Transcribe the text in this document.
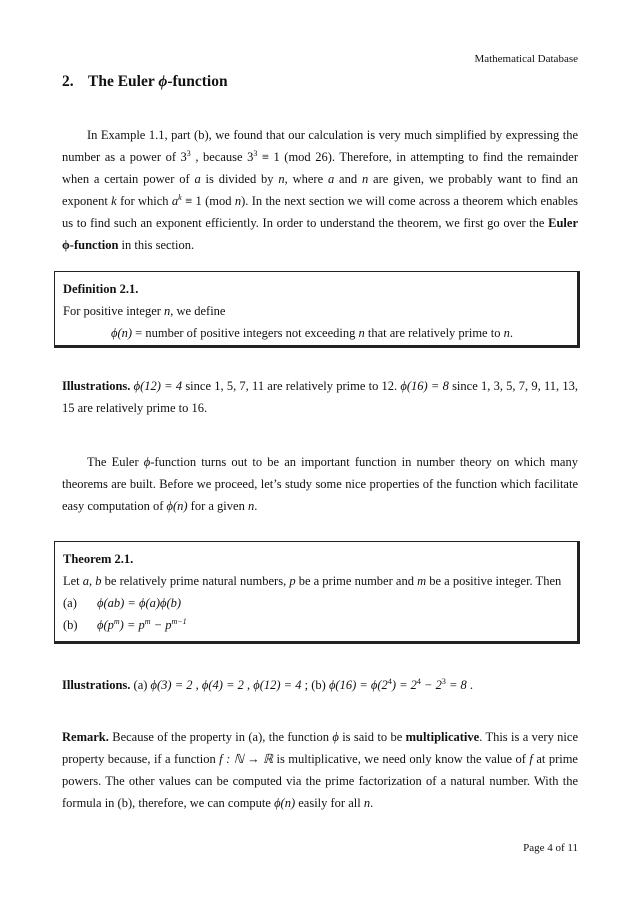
Mathematical Database
2. The Euler ϕ-function
In Example 1.1, part (b), we found that our calculation is very much simplified by expressing the number as a power of $3^3$ , because $3^3 \equiv 1$ (mod 26). Therefore, in attempting to find the remainder when a certain power of a is divided by n, where a and n are given, we probably want to find an exponent k for which $a^k \equiv 1$ (mod n). In the next section we will come across a theorem which enables us to find such an exponent efficiently. In order to understand the theorem, we first go over the Euler ϕ-function in this section.
Definition 2.1.
For positive integer n, we define
ϕ(n) = number of positive integers not exceeding n that are relatively prime to n.
Illustrations. ϕ(12) = 4 since 1, 5, 7, 11 are relatively prime to 12. ϕ(16) = 8 since 1, 3, 5, 7, 9, 11, 13, 15 are relatively prime to 16.
The Euler ϕ-function turns out to be an important function in number theory on which many theorems are built. Before we proceed, let’s study some nice properties of the function which facilitate easy computation of ϕ(n) for a given n.
Theorem 2.1.
Let a, b be relatively prime natural numbers, p be a prime number and m be a positive integer. Then
(a) ϕ(ab) = ϕ(a)ϕ(b)
(b) $\phi(p^m) = p^m - p^{m-1}$
Illustrations. (a) ϕ(3) = 2 , ϕ(4) = 2 , ϕ(12) = 4 ; (b) $\phi(16) = \phi(2^4) = 2^4 - 2^3 = 8$ .
Remark. Because of the property in (a), the function ϕ is said to be multiplicative. This is a very nice property because, if a function f : ℕ → ℝ is multiplicative, we need only know the value of f at prime powers. The other values can be computed via the prime factorization of a natural number. With the formula in (b), therefore, we can compute ϕ(n) easily for all n.
Page 4 of 11
